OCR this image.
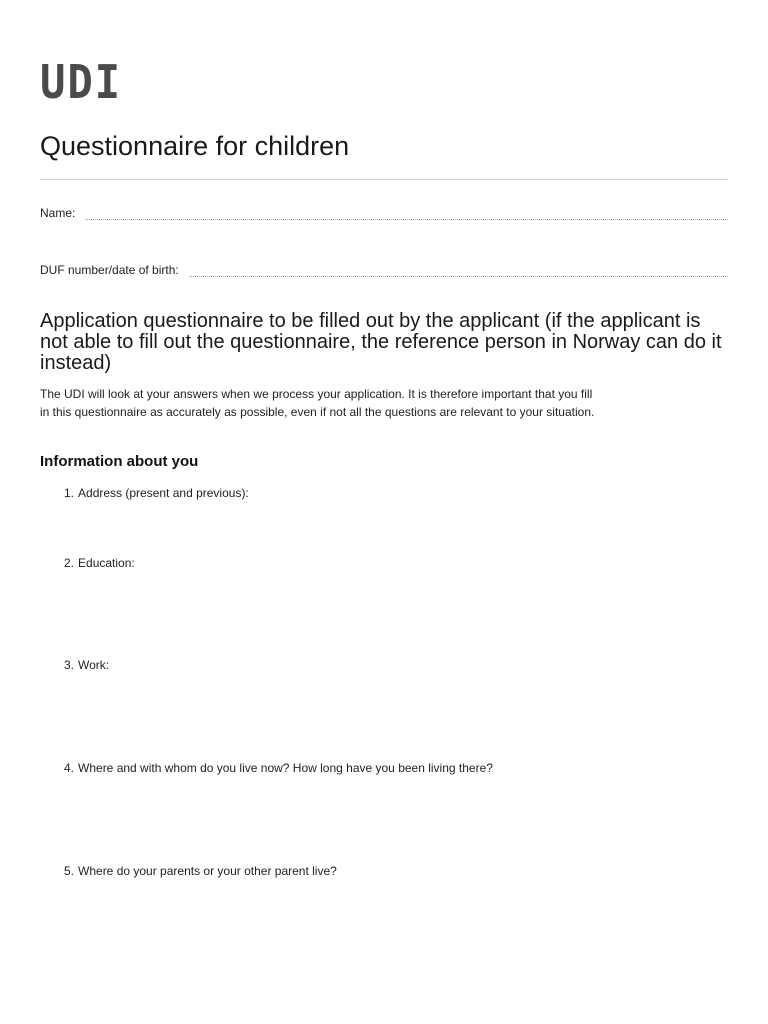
UDI
Questionnaire for children
Name:
DUF number/date of birth:
Application questionnaire to be filled out by the applicant (if the applicant is not able to fill out the questionnaire, the reference person in Norway can do it instead)

The UDI will look at your answers when we process your application. It is therefore important that you fill in this questionnaire as accurately as possible, even if not all the questions are relevant to your situation.

Information about you
1. Address (present and previous):
2. Education:
3. Work:
4. Where and with whom do you live now? How long have you been living there?
5. Where do your parents or your other parent live?
